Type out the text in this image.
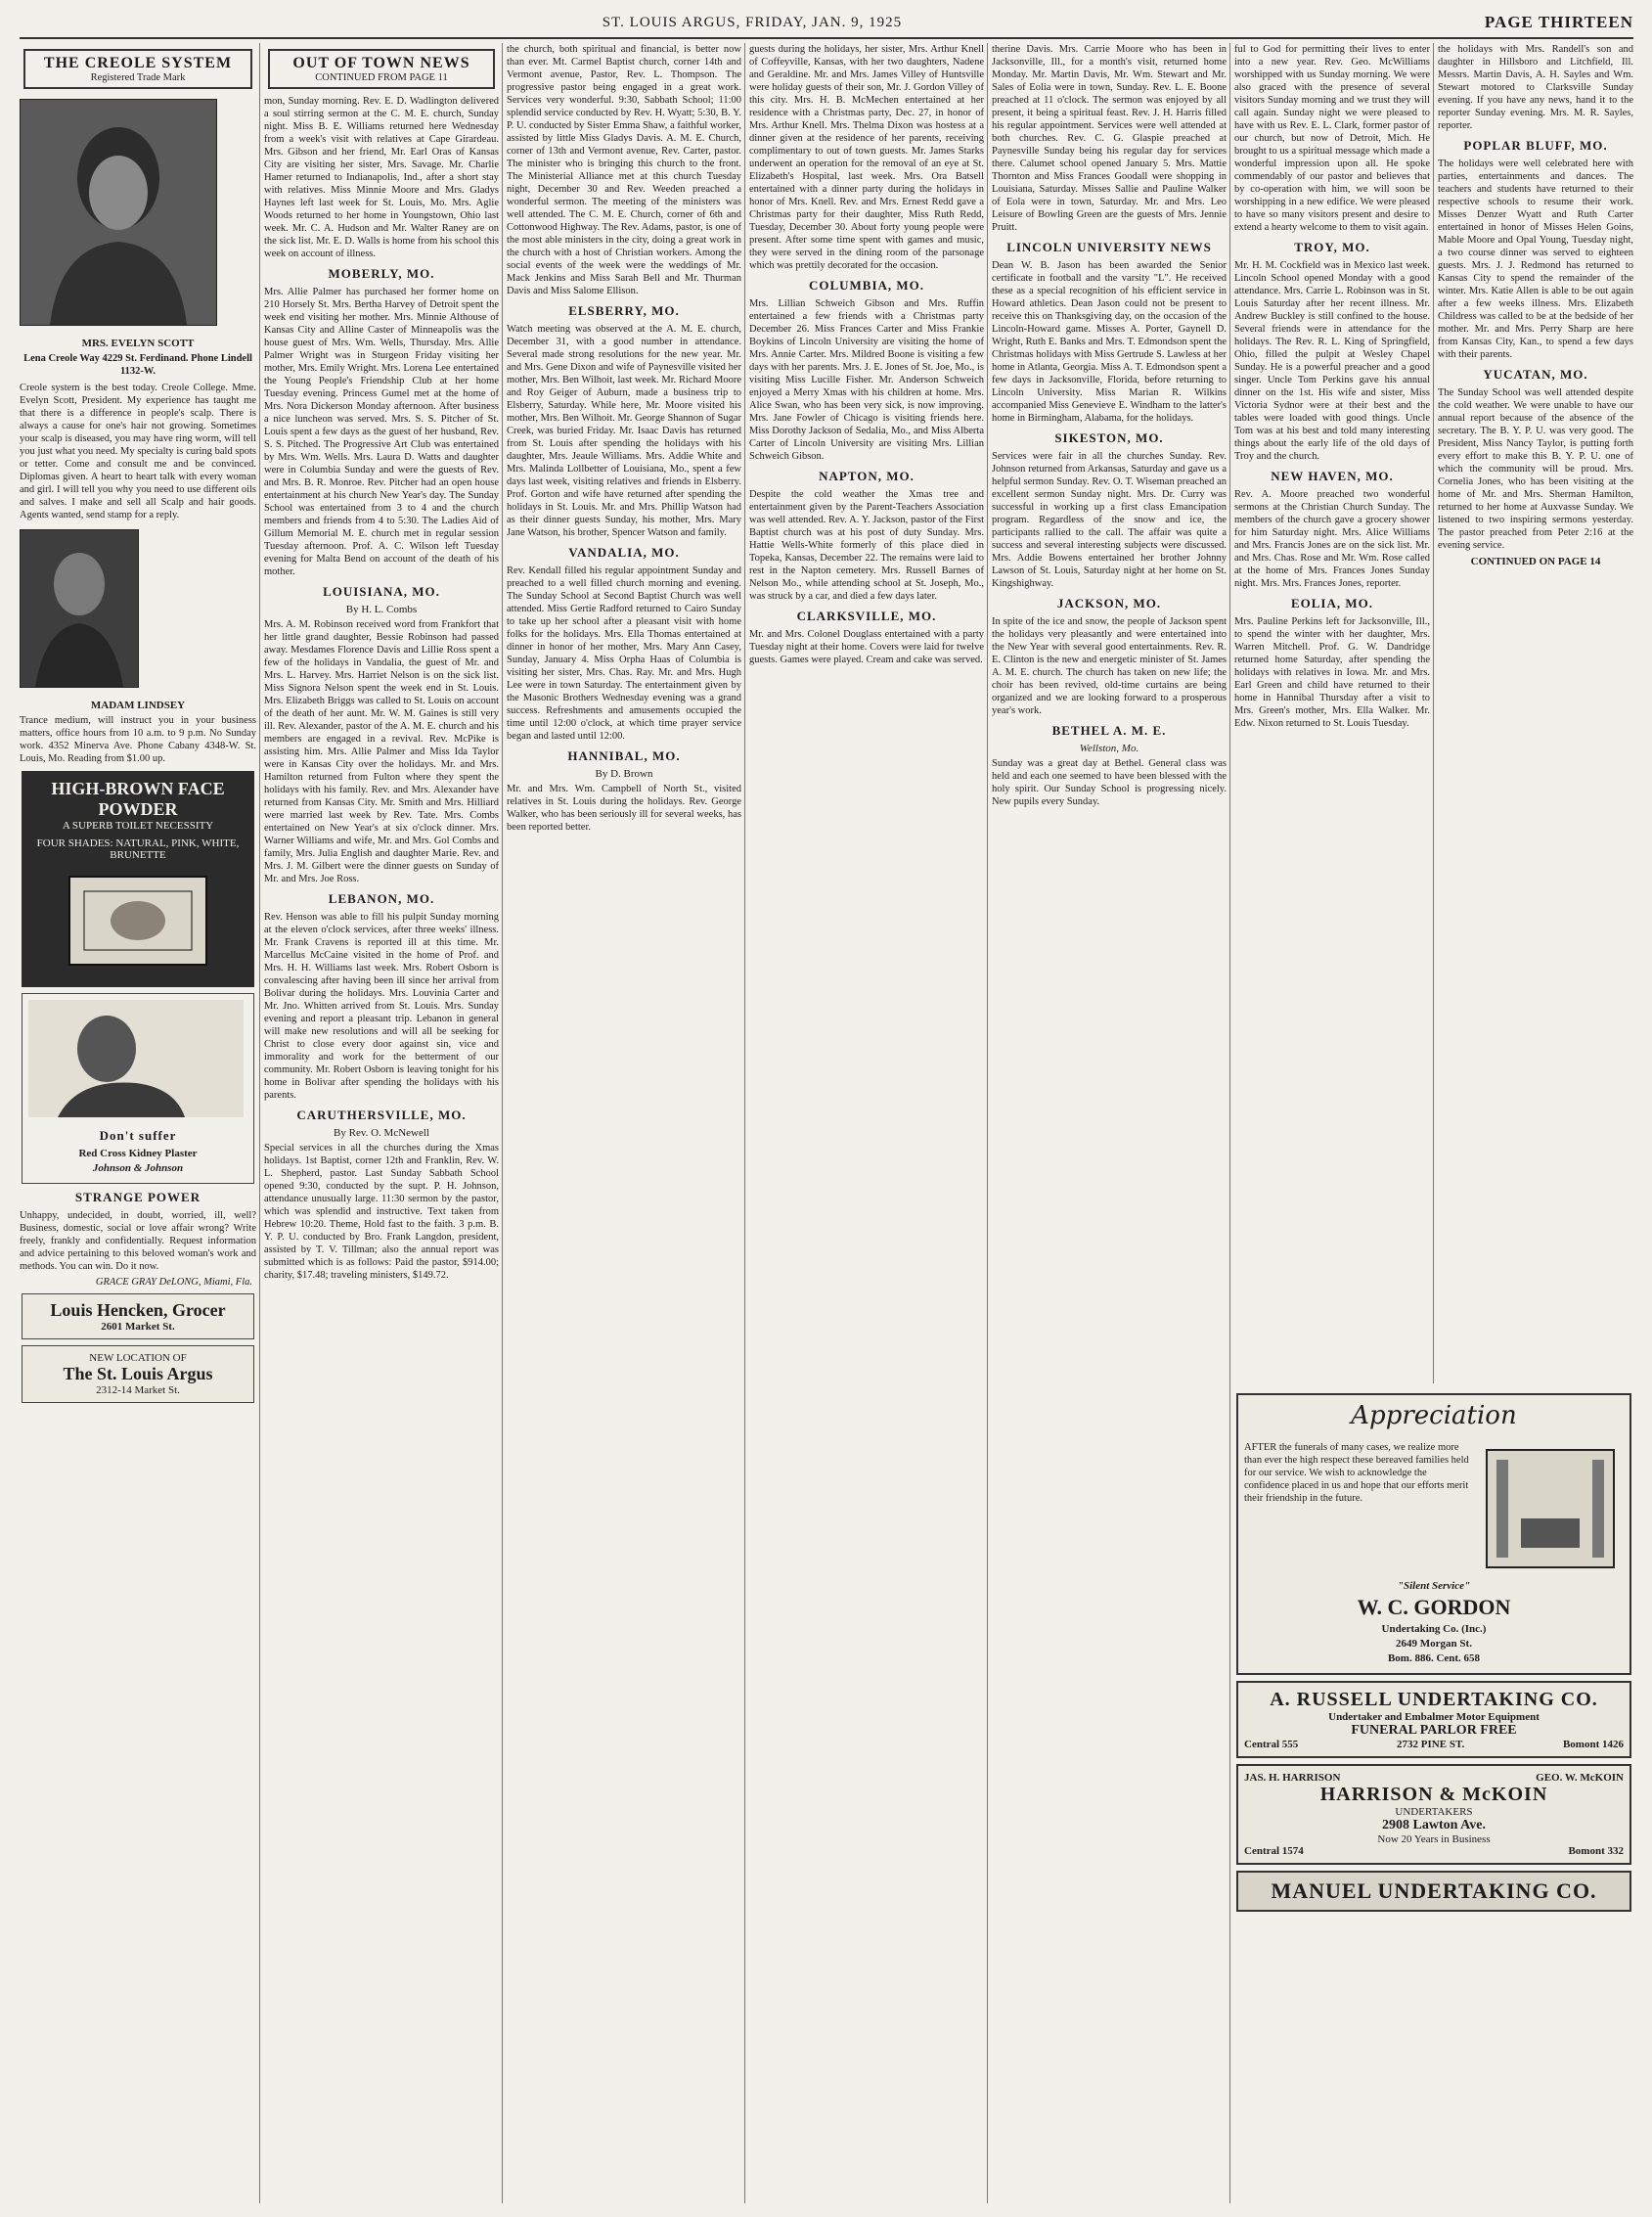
ST. LOUIS ARGUS, FRIDAY, JAN. 9, 1925	PAGE THIRTEEN
THE CREOLE SYSTEM
Registered Trade Mark
MRS. EVELYN SCOTT

Lena Creole Way 4229 St. Ferdinand. Phone Lindell 1132-W.

Creole system is the best today. Creole College. Mme. Evelyn Scott, President. My experience has taught me that there is a difference in people's scalp. There is always a cause for one's hair not growing. Sometimes your scalp is diseased, you may have ring worm, will tell you just what you need. My specialty is curing bald spots or tetter. Come and consult me and be convinced. Diplomas given. A heart to heart talk with every woman and girl. I will tell you why you need to use different oils and salves. I make and sell all Scalp and hair goods. Agents wanted, send stamp for a reply.

MADAM LINDSEY

Trance medium, will instruct you in your business matters, office hours from 10 a.m. to 9 p.m. No Sunday work. 4352 Minerva Ave. Phone Cabany 4348-W. St. Louis, Mo. Reading from $1.00 up.

HIGH-BROWN FACE POWDER
A SUPERB TOILET NECESSITY
FOUR SHADES: NATURAL, PINK, WHITE, BRUNETTE
Don't suffer
Red Cross Kidney Plaster
Johnson & Johnson
STRANGE POWER

Unhappy, undecided, in doubt, worried, ill, well? Business, domestic, social or love affair wrong? Write freely, frankly and confidentially. Request information and advice pertaining to this beloved woman's work and methods. You can win. Do it now.

GRACE GRAY DeLONG, Miami, Fla.
Louis Hencken, Grocer
2601 Market St.
NEW LOCATION OF
The St. Louis Argus
2312-14 Market St.
OUT OF TOWN NEWS
CONTINUED FROM PAGE 11

mon, Sunday morning. Rev. E. D. Wadlington delivered a soul stirring sermon at the C. M. E. church, Sunday night. Miss B. E. Williams returned here Wednesday from a week's visit with relatives at Cape Girardeau. Mrs. Gibson and her friend, Mr. Earl Oras of Kansas City are visiting her sister, Mrs. Savage. Mr. Charlie Hamer returned to Indianapolis, Ind., after a short stay with relatives. Miss Minnie Moore and Mrs. Gladys Haynes left last week for St. Louis, Mo. Mrs. Aglie Woods returned to her home in Youngstown, Ohio last week. Mr. C. A. Hudson and Mr. Walter Raney are on the sick list. Mr. E. D. Walls is home from his school this week on account of illness.

MOBERLY, MO.

Mrs. Allie Palmer has purchased her former home on 210 Horsely St. Mrs. Bertha Harvey of Detroit spent the week end visiting her mother. Mrs. Minnie Althouse of Kansas City and Alline Caster of Minneapolis was the house guest of Mrs. Wm. Wells, Thursday. Mrs. Allie Palmer Wright was in Sturgeon Friday visiting her mother, Mrs. Emily Wright. Mrs. Lorena Lee entertained the Young People's Friendship Club at her home Tuesday evening. Princess Gumel met at the home of Mrs. Nora Dickerson Monday afternoon. After business a nice luncheon was served. Mrs. S. S. Pitcher of St. Louis spent a few days as the guest of her husband, Rev. S. S. Pitched. The Progressive Art Club was entertained by Mrs. Wm. Wells. Mrs. Laura D. Watts and daughter were in Columbia Sunday and were the guests of Rev. and Mrs. B. R. Monroe. Rev. Pitcher had an open house entertainment at his church New Year's day. The Sunday School was entertained from 3 to 4 and the church members and friends from 4 to 5:30. The Ladies Aid of Gillum Memorial M. E. church met in regular session Tuesday afternoon. Prof. A. C. Wilson left Tuesday evening for Malta Bend on account of the death of his mother.

LOUISIANA, MO.
By H. L. Combs

Mrs. A. M. Robinson received word from Frankfort that her little grand daughter, Bessie Robinson had passed away. Mesdames Florence Davis and Lillie Ross spent a few of the holidays in Vandalia, the guest of Mr. and Mrs. L. Harvey. Mrs. Harriet Nelson is on the sick list. Miss Signora Nelson spent the week end in St. Louis. Mrs. Elizabeth Briggs was called to St. Louis on account of the death of her aunt. Mr. W. M. Gaines is still very ill. Rev. Alexander, pastor of the A. M. E. church and his members are engaged in a revival. Rev. McPike is assisting him. Mrs. Allie Palmer and Miss Ida Taylor were in Kansas City over the holidays. Mr. and Mrs. Hamilton returned from Fulton where they spent the holidays with his family. Rev. and Mrs. Alexander have returned from Kansas City. Mr. Smith and Mrs. Hilliard were married last week by Rev. Tate. Mrs. Combs entertained on New Year's at six o'clock dinner. Mrs. Warner Williams and wife, Mr. and Mrs. Gol Combs and family, Mrs. Julia English and daughter Marie. Rev. and Mrs. J. M. Gilbert were the dinner guests on Sunday of Mr. and Mrs. Joe Ross.

LEBANON, MO.

Rev. Henson was able to fill his pulpit Sunday morning at the eleven o'clock services, after three weeks' illness. Mr. Frank Cravens is reported ill at this time. Mr. Marcellus McCaine visited in the home of Prof. and Mrs. H. H. Williams last week. Mrs. Robert Osborn is convalescing after having been ill since her arrival from Bolivar during the holidays. Mrs. Louvinia Carter and Mr. Jno. Whitten arrived from St. Louis. Mrs. Sunday evening and report a pleasant trip. Lebanon in general will make new resolutions and will all be seeking for Christ to close every door against sin, vice and immorality and work for the betterment of our community. Mr. Robert Osborn is leaving tonight for his home in Bolivar after spending the holidays with his parents.

CARUTHERSVILLE, MO.
By Rev. O. McNewell

Special services in all the churches during the Xmas holidays. 1st Baptist, corner 12th and Franklin, Rev. W. L. Shepherd, pastor. Last Sunday Sabbath School opened 9:30, conducted by the supt. P. H. Johnson, attendance unusually large. 11:30 sermon by the pastor, which was splendid and instructive. Text taken from Hebrew 10:20. Theme, Hold fast to the faith. 3 p.m. B. Y. P. U. conducted by Bro. Frank Langdon, president, assisted by T. V. Tillman; also the annual report was submitted which is as follows: Paid the pastor, $914.00; charity, $17.48; traveling ministers, $149.72.

the church, both spiritual and financial, is better now than ever. Mt. Carmel Baptist church, corner 14th and Vermont avenue, Pastor, Rev. L. Thompson. The progressive pastor being engaged in a great work. Services very wonderful. 9:30, Sabbath School; 11:00 splendid service conducted by Rev. H. Wyatt; 5:30, B. Y. P. U. conducted by Sister Emma Shaw, a faithful worker, assisted by little Miss Gladys Davis. A. M. E. Church, corner of 13th and Vermont avenue, Rev. Carter, pastor. The minister who is bringing this church to the front. The Ministerial Alliance met at this church Tuesday night, December 30 and Rev. Weeden preached a wonderful sermon. The meeting of the ministers was well attended. The C. M. E. Church, corner of 6th and Cottonwood Highway. The Rev. Adams, pastor, is one of the most able ministers in the city, doing a great work in the church with a host of Christian workers. Among the social events of the week were the weddings of Mr. Mack Jenkins and Miss Sarah Bell and Mr. Thurman Davis and Miss Salome Ellison.

ELSBERRY, MO.

Watch meeting was observed at the A. M. E. church, December 31, with a good number in attendance. Several made strong resolutions for the new year. Mr. and Mrs. Gene Dixon and wife of Paynesville visited her mother, Mrs. Ben Wilhoit, last week. Mr. Richard Moore and Roy Geiger of Auburn, made a business trip to Elsberry, Saturday. While here, Mr. Moore visited his mother, Mrs. Ben Wilhoit. Mr. George Shannon of Sugar Creek, was buried Friday. Mr. Isaac Davis has returned from St. Louis after spending the holidays with his daughter, Mrs. Jeaule Williams. Mrs. Addie White and Mrs. Malinda Lollbetter of Louisiana, Mo., spent a few days last week, visiting relatives and friends in Elsberry. Prof. Gorton and wife have returned after spending the holidays in St. Louis. Mr. and Mrs. Phillip Watson had as their dinner guests Sunday, his mother, Mrs. Mary Jane Watson, his brother, Spencer Watson and family.

VANDALIA, MO.

Rev. Kendall filled his regular appointment Sunday and preached to a well filled church morning and evening. The Sunday School at Second Baptist Church was well attended. Miss Gertie Radford returned to Cairo Sunday to take up her school after a pleasant visit with home folks for the holidays. Mrs. Ella Thomas entertained at dinner in honor of her mother, Mrs. Mary Ann Casey, Sunday, January 4. Miss Orpha Haas of Columbia is visiting her sister, Mrs. Chas. Ray. Mr. and Mrs. Hugh Lee were in town Saturday. The entertainment given by the Masonic Brothers Wednesday evening was a grand success. Refreshments and amusements occupied the time until 12:00 o'clock, at which time prayer service began and lasted until 12:00.

HANNIBAL, MO.
By D. Brown

Mr. and Mrs. Wm. Campbell of North St., visited relatives in St. Louis during the holidays. Rev. George Walker, who has been seriously ill for several weeks, has been reported better.

guests during the holidays, her sister, Mrs. Arthur Knell of Coffeyville, Kansas, with her two daughters, Nadene and Geraldine. Mr. and Mrs. James Villey of Huntsville were holiday guests of their son, Mr. J. Gordon Villey of this city. Mrs. H. B. McMechen entertained at her residence with a Christmas party, Dec. 27, in honor of Mrs. Arthur Knell. Mrs. Thelma Dixon was hostess at a dinner given at the residence of her parents, receiving complimentary to out of town guests. Mr. James Starks underwent an operation for the removal of an eye at St. Elizabeth's Hospital, last week. Mrs. Ora Batsell entertained with a dinner party during the holidays in honor of Mrs. Knell. Rev. and Mrs. Ernest Redd gave a Christmas party for their daughter, Miss Ruth Redd, Tuesday, December 30. About forty young people were present. After some time spent with games and music, they were served in the dining room of the parsonage which was prettily decorated for the occasion.

COLUMBIA, MO.

Mrs. Lillian Schweich Gibson and Mrs. Ruffin entertained a few friends with a Christmas party December 26. Miss Frances Carter and Miss Frankie Boykins of Lincoln University are visiting the home of Mrs. Annie Carter. Mrs. Mildred Boone is visiting a few days with her parents. Mrs. J. E. Jones of St. Joe, Mo., is visiting Miss Lucille Fisher. Mr. Anderson Schweich enjoyed a Merry Xmas with his children at home. Mrs. Alice Swan, who has been very sick, is now improving. Mrs. Jane Fowler of Chicago is visiting friends here. Miss Dorothy Jackson of Sedalia, Mo., and Miss Alberta Carter of Lincoln University are visiting Mrs. Lillian Schweich Gibson.

NAPTON, MO.

Despite the cold weather the Xmas tree and entertainment given by the Parent-Teachers Association was well attended. Rev. A. Y. Jackson, pastor of the First Baptist church was at his post of duty Sunday. Mrs. Hattie Wells-White formerly of this place died in Topeka, Kansas, December 22. The remains were laid to rest in the Napton cemetery. Mrs. Russell Barnes of Nelson Mo., while attending school at St. Joseph, Mo., was struck by a car, and died a few days later.

CLARKSVILLE, MO.

Mr. and Mrs. Colonel Douglass entertained with a party Tuesday night at their home. Covers were laid for twelve guests. Games were played. Cream and cake was served.

therine Davis. Mrs. Carrie Moore who has been in Jacksonville, Ill., for a month's visit, returned home Monday. Mr. Martin Davis, Mr. Wm. Stewart and Mr. Sales of Eolia were in town, Sunday. Rev. L. E. Boone preached at 11 o'clock. The sermon was enjoyed by all present, it being a spiritual feast. Rev. J. H. Harris filled his regular appointment. Services were well attended at both churches. Rev. C. G. Glaspie preached at Paynesville Sunday being his regular day for services there. Calumet school opened January 5. Mrs. Mattie Thornton and Miss Frances Goodall were shopping in Louisiana, Saturday. Misses Sallie and Pauline Walker of Eola were in town, Saturday. Mr. and Mrs. Leo Leisure of Bowling Green are the guests of Mrs. Jennie Pruitt.

LINCOLN UNIVERSITY NEWS

Dean W. B. Jason has been awarded the Senior certificate in football and the varsity "L". He received these as a special recognition of his efficient service in Howard athletics. Dean Jason could not be present to receive this on Thanksgiving day, on the occasion of the Lincoln-Howard game. Misses A. Porter, Gaynell D. Wright, Ruth E. Banks and Mrs. T. Edmondson spent the Christmas holidays with Miss Gertrude S. Lawless at her home in Atlanta, Georgia. Miss A. T. Edmondson spent a few days in Jacksonville, Florida, before returning to Lincoln University. Miss Marian R. Wilkins accompanied Miss Genevieve E. Windham to the latter's home in Birmingham, Alabama, for the holidays.

SIKESTON, MO.

Services were fair in all the churches Sunday. Rev. Johnson returned from Arkansas, Saturday and gave us a helpful sermon Sunday. Rev. O. T. Wiseman preached an excellent sermon Sunday night. Mrs. Dr. Curry was successful in working up a first class Emancipation program. Regardless of the snow and ice, the participants rallied to the call. The affair was quite a success and several interesting subjects were discussed. Mrs. Addie Bowens entertained her brother Johnny Lawson of St. Louis, Saturday night at her home on St. Kingshighway.

JACKSON, MO.

In spite of the ice and snow, the people of Jackson spent the holidays very pleasantly and were entertained into the New Year with several good entertainments. Rev. R. E. Clinton is the new and energetic minister of St. James A. M. E. church. The church has taken on new life; the choir has been revived, old-time curtains are being organized and we are looking forward to a prosperous year's work.

BETHEL A. M. E.
Wellston, Mo.

Sunday was a great day at Bethel. General class was held and each one seemed to have been blessed with the holy spirit. Our Sunday School is progressing nicely. New pupils every Sunday.

ful to God for permitting their lives to enter into a new year. Rev. Geo. McWilliams worshipped with us Sunday morning. We were also graced with the presence of several visitors Sunday morning and we trust they will call again. Sunday night we were pleased to have with us Rev. E. L. Clark, former pastor of our church, but now of Detroit, Mich. He brought to us a spiritual message which made a wonderful impression upon all. He spoke commendably of our pastor and believes that by co-operation with him, we will soon be worshipping in a new edifice. We were pleased to have so many visitors present and desire to extend a hearty welcome to them to visit again.

TROY, MO.

Mr. H. M. Cockfield was in Mexico last week. Lincoln School opened Monday with a good attendance. Mrs. Carrie L. Robinson was in St. Louis Saturday after her recent illness. Mr. Andrew Buckley is still confined to the house. Several friends were in attendance for the holidays. The Rev. R. L. King of Springfield, Ohio, filled the pulpit at Wesley Chapel Sunday. He is a powerful preacher and a good singer. Uncle Tom Perkins gave his annual dinner on the 1st. His wife and sister, Miss Victoria Sydnor were at their best and the tables were loaded with good things. Uncle Tom was at his best and told many interesting things about the early life of the old days of Troy and the church.

NEW HAVEN, MO.

Rev. A. Moore preached two wonderful sermons at the Christian Church Sunday. The members of the church gave a grocery shower for him Saturday night. Mrs. Alice Williams and Mrs. Francis Jones are on the sick list. Mr. and Mrs. Chas. Rose and Mr. Wm. Rose called at the home of Mrs. Frances Jones Sunday night. Mrs. Mrs. Frances Jones, reporter.

EOLIA, MO.

Mrs. Pauline Perkins left for Jacksonville, Ill., to spend the winter with her daughter, Mrs. Warren Mitchell. Prof. G. W. Dandridge returned home Saturday, after spending the holidays with relatives in Iowa. Mr. and Mrs. Earl Green and child have returned to their home in Hannibal Thursday after a visit to Mrs. Green's mother, Mrs. Ella Walker. Mr. Edw. Nixon returned to St. Louis Tuesday.

the holidays with Mrs. Randell's son and daughter in Hillsboro and Litchfield, Ill. Messrs. Martin Davis, A. H. Sayles and Wm. Stewart motored to Clarksville Sunday evening. If you have any news, hand it to the reporter Sunday evening. Mrs. M. R. Sayles, reporter.

POPLAR BLUFF, MO.

The holidays were well celebrated here with parties, entertainments and dances. The teachers and students have returned to their respective schools to resume their work. Misses Denzer Wyatt and Ruth Carter entertained in honor of Misses Helen Goins, Mable Moore and Opal Young, Tuesday night, a two course dinner was served to eighteen guests. Mrs. J. J. Redmond has returned to Kansas City to spend the remainder of the winter. Mrs. Katie Allen is able to be out again after a few weeks illness. Mrs. Elizabeth Childress was called to be at the bedside of her mother. Mr. and Mrs. Perry Sharp are here from Kansas City, Kan., to spend a few days with their parents.

YUCATAN, MO.

The Sunday School was well attended despite the cold weather. We were unable to have our annual report because of the absence of the secretary. The B. Y. P. U. was very good. The President, Miss Nancy Taylor, is putting forth every effort to make this B. Y. P. U. one of which the community will be proud. Mrs. Cornelia Jones, who has been visiting at the home of Mr. and Mrs. Sherman Hamilton, returned to her home at Auxvasse Sunday. We listened to two inspiring sermons yesterday. The pastor preached from Peter 2:16 at the evening service.

CONTINUED ON PAGE 14
Appreciation

AFTER the funerals of many cases, we realize more than ever the high respect these bereaved families held for our service. We wish to acknowledge the confidence placed in us and hope that our efforts merit their friendship in the future.

"Silent Service"
W. C. GORDON
Undertaking Co. (Inc.)
2649 Morgan St.
Bom. 886. Cent. 658
A. RUSSELL UNDERTAKING CO.
Undertaker and Embalmer Motor Equipment
FUNERAL PARLOR FREE
Central 555	2732 PINE ST.	Bomont 1426
JAS. H. HARRISON	GEO. W. McKOIN
HARRISON & McKOIN
UNDERTAKERS
2908 Lawton Ave.
Now 20 Years in Business
Central 1574	Bomont 332
MANUEL UNDERTAKING CO.
